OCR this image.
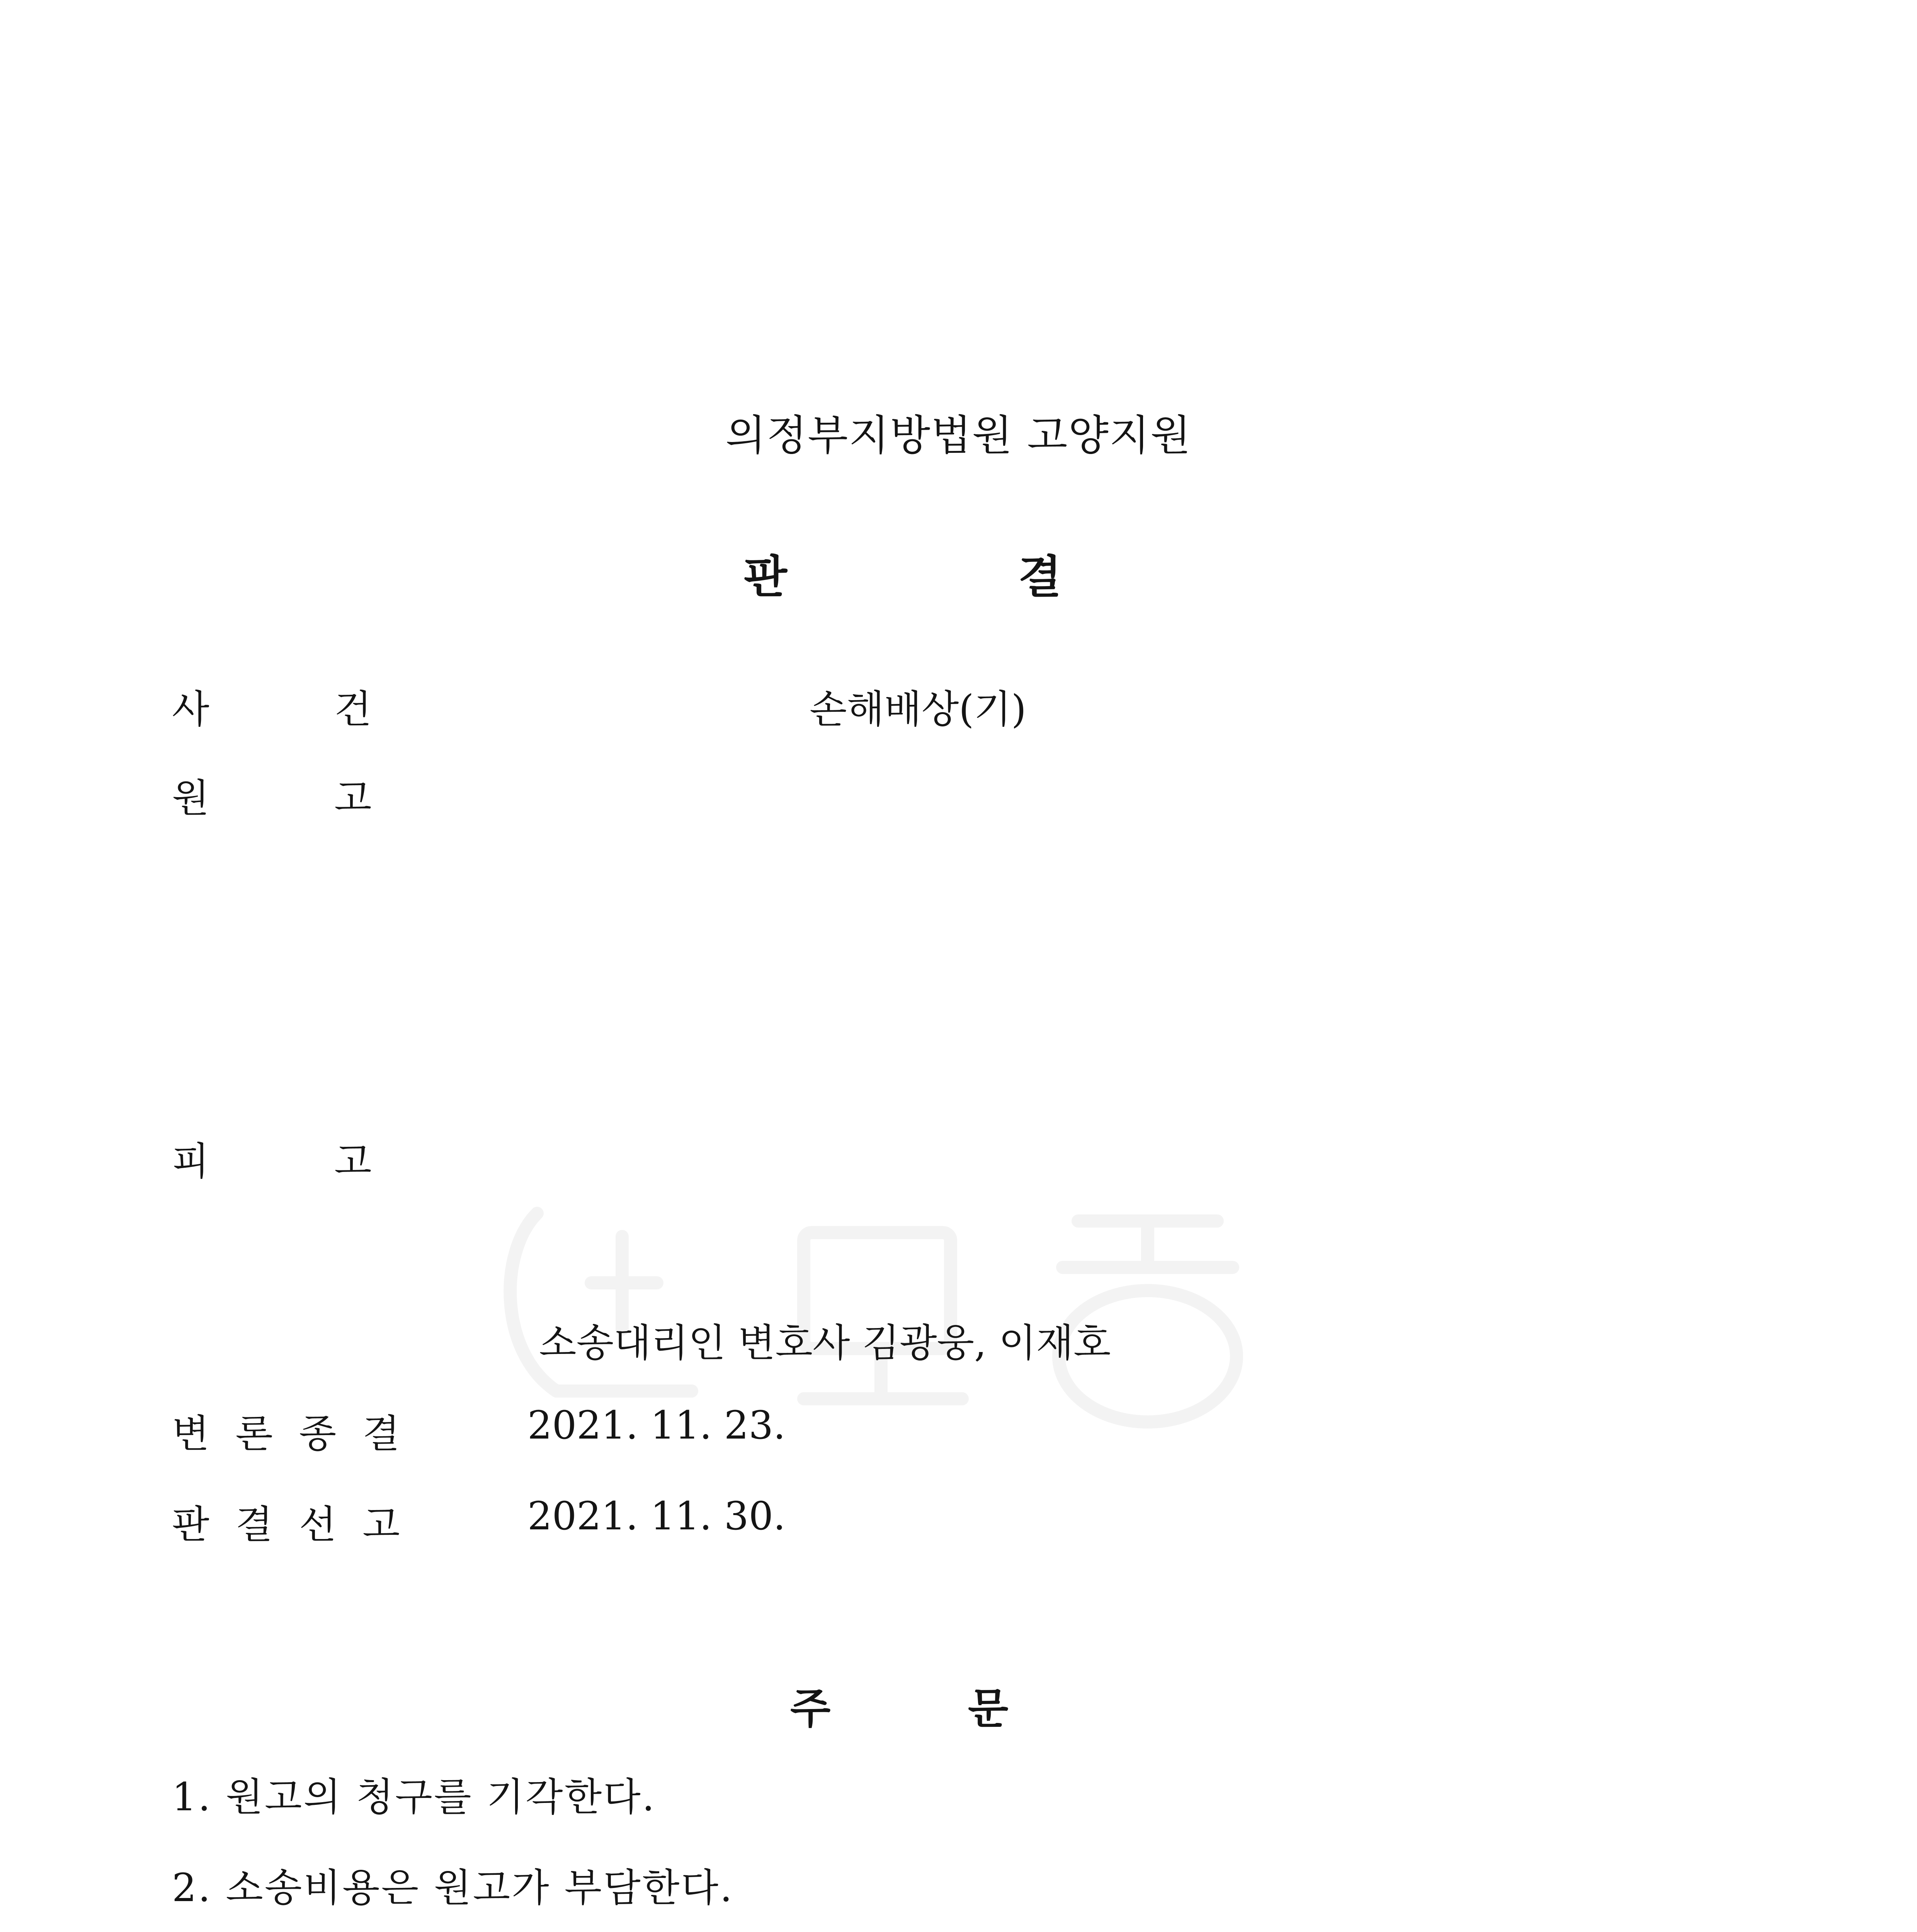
의정부지방법원 고양지원
판	결
사	건	손해배상(기)
원	고
피	고
소송대리인 변호사 김광웅, 이재호
변 론 종 결	2021. 11. 23.
판 결 선 고	2021. 11. 30.
주	문
1. 원고의 청구를 기각한다.
2. 소송비용은 원고가 부담한다.
